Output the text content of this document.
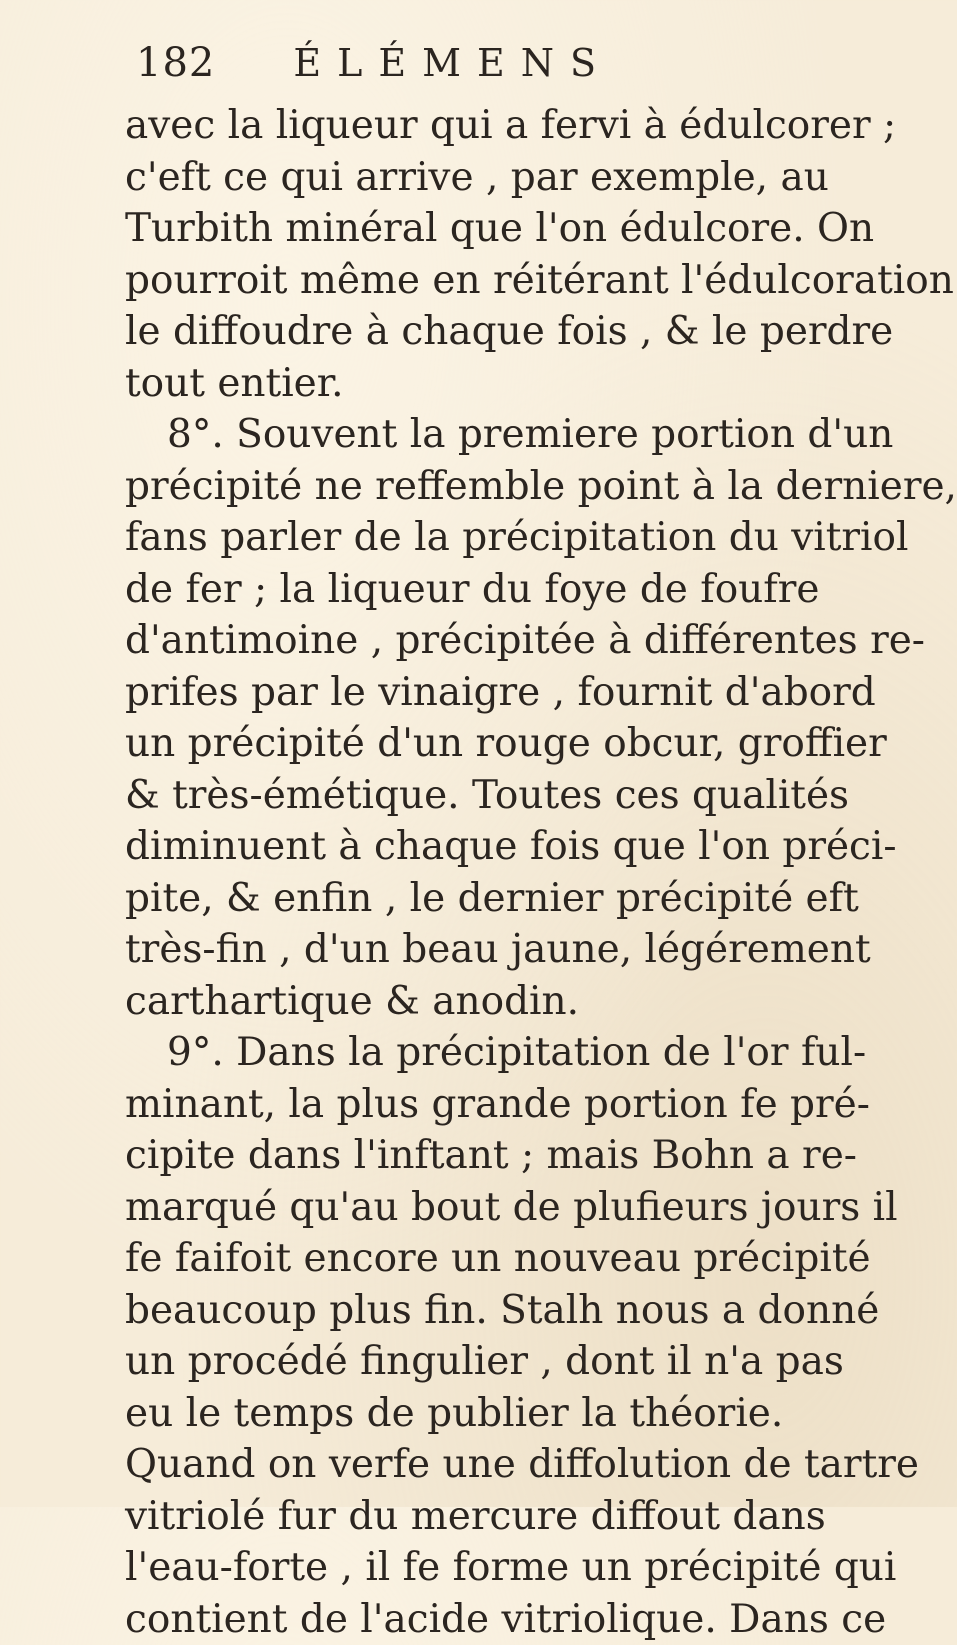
182 ÉLÉMENS
avec la liqueur qui a fervi à édulcorer ;
c'eft ce qui arrive , par exemple, au
Turbith minéral que l'on édulcore. On
pourroit même en réitérant l'édulcoration
le diffoudre à chaque fois , & le perdre
tout entier.
8°. Souvent la premiere portion d'un
précipité ne reffemble point à la derniere,
fans parler de la précipitation du vitriol
de fer ; la liqueur du foye de foufre
d'antimoine , précipitée à différentes re-
prifes par le vinaigre , fournit d'abord
un précipité d'un rouge obcur, groffier
& très-émétique. Toutes ces qualités
diminuent à chaque fois que l'on préci-
pite, & enfin , le dernier précipité eft
très-fin , d'un beau jaune, légérement
carthartique & anodin.
9°. Dans la précipitation de l'or ful-
minant, la plus grande portion fe pré-
cipite dans l'inftant ; mais Bohn a re-
marqué qu'au bout de plufieurs jours il
fe faifoit encore un nouveau précipité
beaucoup plus fin. Stalh nous a donné
un procédé fingulier , dont il n'a pas
eu le temps de publier la théorie.
Quand on verfe une diffolution de tartre
vitriolé fur du mercure diffout dans
l'eau-forte , il fe forme un précipité qui
contient de l'acide vitriolique. Dans ce
